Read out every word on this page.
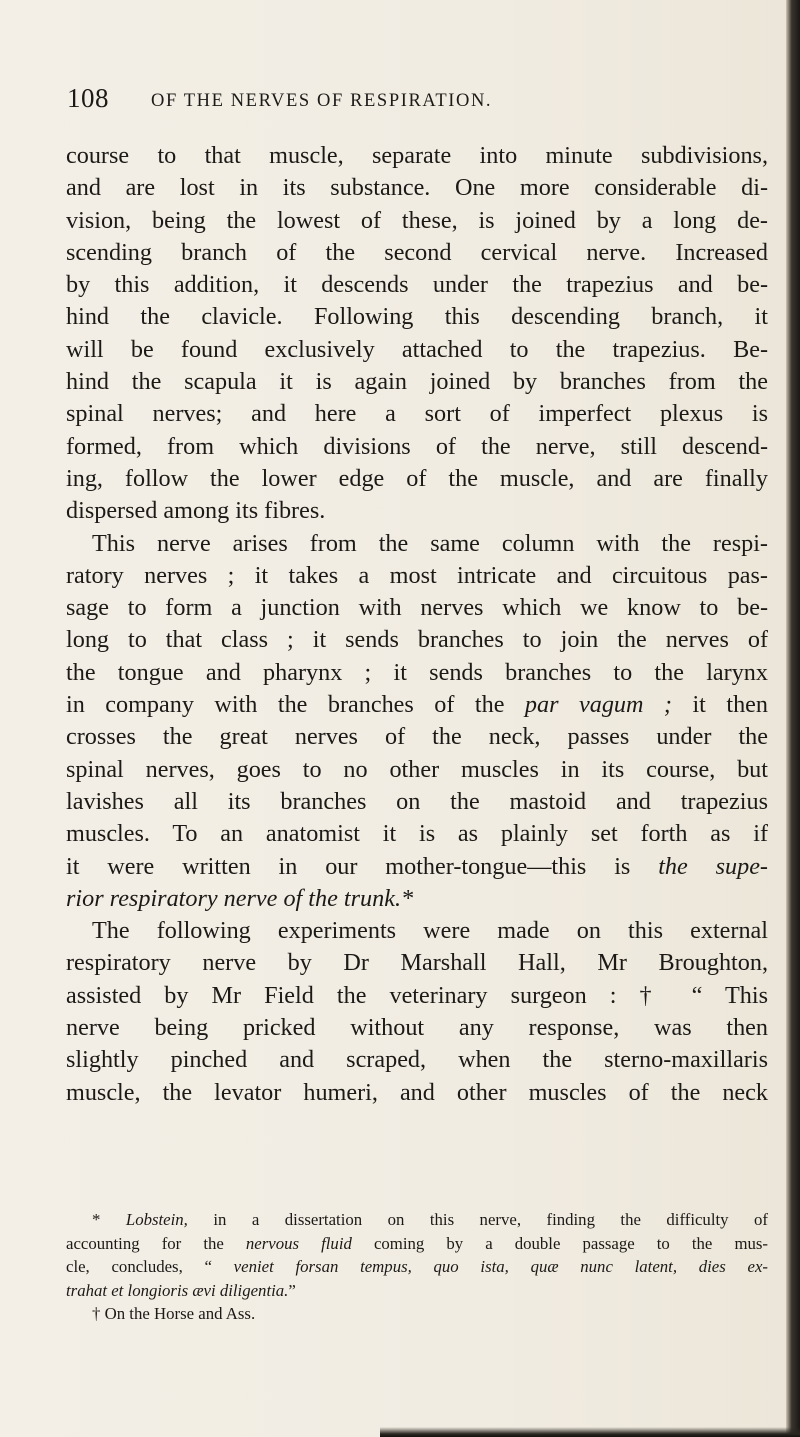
108 OF THE NERVES OF RESPIRATION.
course to that muscle, separate into minute subdivisions,
and are lost in its substance. One more considerable di-
vision, being the lowest of these, is joined by a long de-
scending branch of the second cervical nerve. Increased
by this addition, it descends under the trapezius and be-
hind the clavicle. Following this descending branch, it
will be found exclusively attached to the trapezius. Be-
hind the scapula it is again joined by branches from the
spinal nerves; and here a sort of imperfect plexus is
formed, from which divisions of the nerve, still descend-
ing, follow the lower edge of the muscle, and are finally
dispersed among its fibres.
This nerve arises from the same column with the respi-
ratory nerves ; it takes a most intricate and circuitous pas-
sage to form a junction with nerves which we know to be-
long to that class ; it sends branches to join the nerves of
the tongue and pharynx ; it sends branches to the larynx
in company with the branches of the par vagum ; it then
crosses the great nerves of the neck, passes under the
spinal nerves, goes to no other muscles in its course, but
lavishes all its branches on the mastoid and trapezius
muscles. To an anatomist it is as plainly set forth as if
it were written in our mother-tongue—this is the supe-
rior respiratory nerve of the trunk.*
The following experiments were made on this external
respiratory nerve by Dr Marshall Hall, Mr Broughton,
assisted by Mr Field the veterinary surgeon : † “ This
nerve being pricked without any response, was then
slightly pinched and scraped, when the sterno-maxillaris
muscle, the levator humeri, and other muscles of the neck
* Lobstein, in a dissertation on this nerve, finding the difficulty of
accounting for the nervous fluid coming by a double passage to the mus-
cle, concludes, “ veniet forsan tempus, quo ista, quæ nunc latent, dies ex-
trahat et longioris ævi diligentia.”
† On the Horse and Ass.
